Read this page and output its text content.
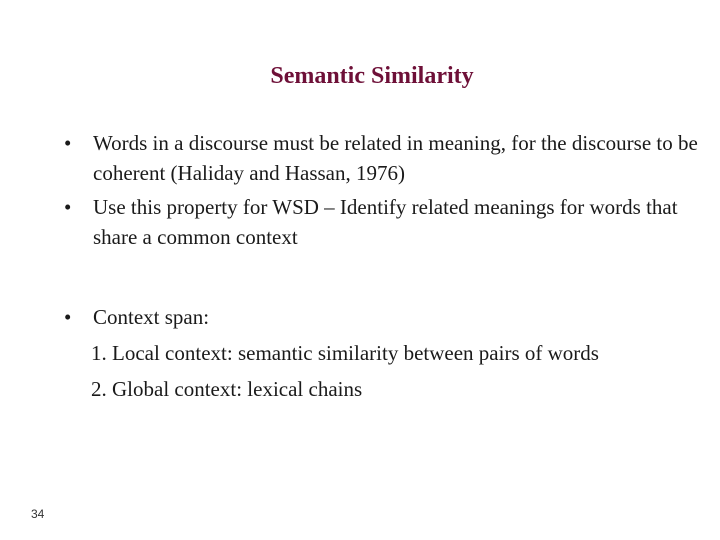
Semantic Similarity
• Words in a discourse must be related in meaning, for the discourse to be coherent (Haliday and Hassan, 1976)
• Use this property for WSD – Identify related meanings for words that share a common context
• Context span:
1. Local context: semantic similarity between pairs of words
2. Global context: lexical chains
34
